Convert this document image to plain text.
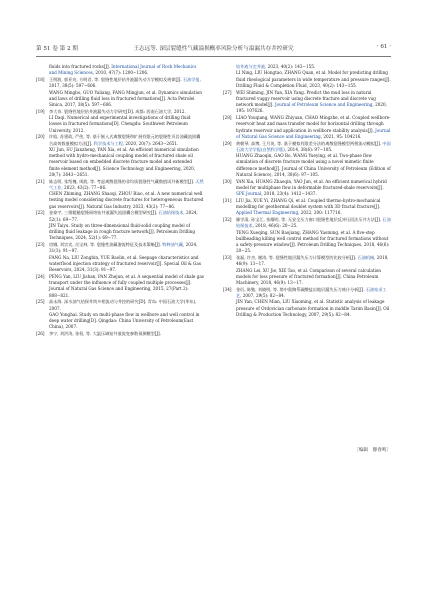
第 51 卷 第 2 期	王志远等. 深层裂缝性气藏溢损概率风险分析与溢漏共存井控研究	· 61 ·
fluids into fractured rocks[J]. International Journal of Rock Mechanics and Mining Sciences, 2010, 47(7): 1200−1206.
[18] 王明波, 郭亚亮, 方明君, 等. 裂缝性地层钻井液漏失动力学模拟及规律[J]. 石油学报, 2017, 38(5): 597−606.
WANG Mingbo, GUO Yaliang, FANG Mingjun, et al. Dynamics simulation and laws of drilling fluid loss in fractured formations[J]. Acta Petrolei Sinica, 2017, 38(5): 597−606.
[19] 李大奇. 裂缝性地层钻井液漏失动力学研究[D]. 成都: 西南石油大学, 2012.
LI Daqi. Numerical and experimental investigations of drilling fluid losses in fractured formations[D]. Chengdu: Southwest Petroleum University, 2012.
[20] 许晗, 苏建政, 严侠, 等. 基于嵌入式离散裂缝和扩展有限元的裂缝性页岩油藏流固耦合高效数值模拟方法[J]. 科学技术与工程, 2020, 20(7): 2643−2651.
XU Jun, SU Jianzheng, YAN Xia, et al. An efficient numerical simulation method with hydro-mechanical coupling model of fractured shale oil reservoir based on embedded discrete fracture model and extended finite element method[J]. Science Technology and Engineering, 2020, 20(7): 2643−2651.
[21] 陈志明, 张绍槐, 周波, 等. 考虑离散裂缝的非均质裂缝性气藏数值试井新模型[J]. 天然气工业, 2023, 43(2): 77−86.
CHEN Zhiming, ZHANG Shaoqi, ZHOU Biao, et al. A new numerical well testing model considering discrete fractures for heterogeneous fractured gas reservoirs[J]. Natural Gas Industry, 2023, 43(2): 77−86.
[22] 金泰宇, 三维粗糙裂缝网络钻井液漏失流固耦合模型研究[J]. 石油钻探技术, 2024, 52(1): 69−77.
JIN Taiyu. Study on three-dimensional fluid-solid coupling model of drilling fluid leakage in rough fracture network[J]. Petroleum Drilling Techniques, 2024, 52(1): 69−77.
[23] 房娜, 刘宗宾, 岳宝林, 等. 裂缝性油藏渗流特征及技术策略[J]. 特种油气藏, 2024, 31(3): 91−97.
FANG Na, LIU Zongbin, YUE Baolin, et al. Seepage characteristics and waterflood injection strategy of fractured reservoir[J]. Special Oil & Gas Reservoirs, 2024, 31(3): 91−97.
[24] PENG Yan, LIU Jishan, PAN Zhejun, et al. A sequential model of shale gas transport under the influence of fully coupled multiple processes[J]. Journal of Natural Gas Science and Engineering, 2015, 27(Part 2): 808−821.
[25] 高永海. 深水油气钻探井筒多相流动与井控的研究[D]. 青岛: 中国石油大学(华东), 2007.
GAO Yonghai. Study on multi-phase flow in wellbore and well control in deep water drilling[D]. Qingdao: China University of Petroleum(East China), 2007.
[26] 李宁, 刘洪涛, 张权, 等. 大温压域钻井液流变参数预测模型[J].
钻井液与完井液, 2023, 40(2): 143−155.
LI Ning, LIU Hongtao, ZHANG Quan, et al. Model for predicting drilling fluid rheological parameters in wide temperature and pressure ranges[J]. Drilling Fluid & Completion Fluid, 2023, 40(2): 143−155.
[27] WEI Shiming, JIN Yan, XIA Yang. Predict the mud loss in natural fractured vuggy reservoir using discrete fracture and discrete vug network model[J]. Journal of Petroleum Science and Engineering, 2020, 195: 107626.
[28] LIAO Youqiang, WANG Zhiyuan, CHAO Mingzhe, et al. Coupled wellbore-reservoir heat and mass transfer model for horizontal drilling through hydrate reservoir and application in wellbore stability analysis[J]. Journal of Natural Gas Science and Engineering, 2021, 95: 104216.
[29] 黄朝琴, 高博, 王月英, 等. 基于模拟有限差分法的离散裂缝模型两相流动模拟[J]. 中国石油大学学报(自然科学版), 2014, 38(6): 97−105.
HUANG Zhaoqin, GAO Bo, WANG Yueying, et al. Two-phase flow simulation of discrete fracture model using a novel mimetic finite difference method[J]. Journal of China University of Petroleum (Edition of Natural Science), 2014, 38(6): 97−105.
[30] YAN Xia, HUANG Zhaoqin, YAO Jun, et al. An efficient numerical hybrid model for multiphase flow in deformable fractured-shale reservoirs[J]. SPE Journal, 2018, 23(4): 1412−1437.
[31] LIU Jia, XUE Yi, ZHANG Qi, et al. Coupled thermo-hydro-mechanical modelling for geothermal doublet system with 3D fractal fracture[J]. Applied Thermal Engineering, 2022, 200: 117716.
[32] 滕学清, 孙宝江, 张耀明, 等. 无安全压力窗口裂缝性地层反冲压回法压井方法[J]. 石油钻探技术, 2018, 46(6): 20−25.
TENG Xueqing, SUN Baojiang, ZHANG Yaoming, et al. A five-step bullheading killing well control method for fractured formations without a safety-pressure window[J]. Petroleum Drilling Techniques, 2018, 46(6): 20−25.
[33] 张磊, 许杰, 谢涛, 等. 裂缝性地层漏失压力计算模型的比较分析[J]. 石油机械, 2018, 46(9): 13−17.
ZHANG Lei, XU Jie, XIE Tao, et al. Comparison of several calculation models for loss pressure of fractured formation[J]. China Petroleum Machinery, 2018, 46(9): 13−17.
[34] 金衍, 陈勉, 刘晓明, 等. 塔中奥陶系碳酸盐岩地层漏失压力统计分析[J]. 石油钻采工艺, 2007, 29(5): 82−84.
JIN Yan, CHEN Mian, LIU Xiaoming, et al. Statistic analysis of leakage pressure of Ordovician carbonate formation in middle Tarim Basin[J]. Oil Drilling & Production Technology, 2007, 29(5): 82−84.
［编辑　滕春鸣］
